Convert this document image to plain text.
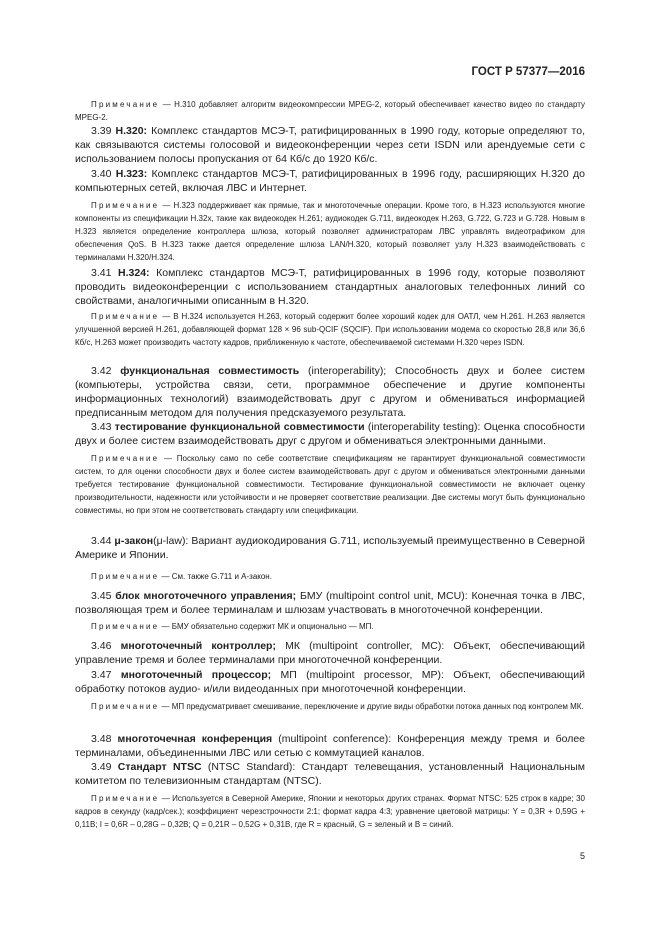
ГОСТ Р 57377—2016
Примечание — Н.310 добавляет алгоритм видеокомпрессии MPEG-2, который обеспечивает качество видео по стандарту MPEG-2.
3.39 H.320: Комплекс стандартов МСЭ-Т, ратифицированных в 1990 году, которые определяют то, как связываются системы голосовой и видеоконференции через сети ISDN или арендуемые сети с использованием полосы пропускания от 64 Кб/с до 1920 Кб/с.
3.40 Н.323: Комплекс стандартов МСЭ-Т, ратифицированных в 1996 году, расширяющих Н.320 до компьютерных сетей, включая ЛВС и Интернет.
Примечание — Н.323 поддерживает как прямые, так и многоточечные операции. Кроме того, в Н.323 используются многие компоненты из спецификации Н.32х, такие как видеокодек Н.261; аудиокодек G.711, видеокодек Н.263, G.722, G.723 и G.728. Новым в Н.323 является определение контроллера шлюза, который позволяет администраторам ЛВС управлять видеотрафиком для обеспечения QoS. В Н.323 также дается определение шлюза LAN/H.320, который позволяет узлу Н.323 взаимодействовать с терминалами Н.320/Н.324.
3.41 Н.324: Комплекс стандартов МСЭ-Т, ратифицированных в 1996 году, которые позволяют проводить видеоконференции с использованием стандартных аналоговых телефонных линий со свойствами, аналогичными описанным в Н.320.
Примечание — В Н.324 используется Н.263, который содержит более хороший кодек для ОАТЛ, чем Н.261. Н.263 является улучшенной версией Н.261, добавляющей формат 128 × 96 sub-QCIF (SQCIF). При использовании модема со скоростью 28,8 или 36,6 Кб/с, Н.263 может производить частоту кадров, приближенную к частоте, обеспечиваемой системами Н.320 через ISDN.
3.42 функциональная совместимость (interoperability); Способность двух и более систем (компьютеры, устройства связи, сети, программное обеспечение и другие компоненты информационных технологий) взаимодействовать друг с другом и обмениваться информацией предписанным методом для получения предсказуемого результата.
3.43 тестирование функциональной совместимости (interoperability testing): Оценка способности двух и более систем взаимодействовать друг с другом и обмениваться электронными данными.
Примечание — Поскольку само по себе соответствие спецификациям не гарантирует функциональной совместимости систем, то для оценки способности двух и более систем взаимодействовать друг с другом и обмениваться электронными данными требуется тестирование функциональной совместимости. Тестирование функциональной совместимости не включает оценку производительности, надежности или устойчивости и не проверяет соответствие реализации. Две системы могут быть функционально совместимы, но при этом не соответствовать стандарту или спецификации.
3.44 μ-закон(μ-law): Вариант аудиокодирования G.711, используемый преимущественно в Северной Америке и Японии.
Примечание — См. также G.711 и А-закон.
3.45 блок многоточечного управления; БМУ (multipoint control unit, MCU): Конечная точка в ЛВС, позволяющая трем и более терминалам и шлюзам участвовать в многоточечной конференции.
Примечание — БМУ обязательно содержит МК и опционально — МП.
3.46 многоточечный контроллер; МК (multipoint controller, MC): Объект, обеспечивающий управление тремя и более терминалами при многоточечной конференции.
3.47 многоточечный процессор; МП (multipoint processor, MP): Объект, обеспечивающий обработку потоков аудио- и/или видеоданных при многоточечной конференции.
Примечание — МП предусматривает смешивание, переключение и другие виды обработки потока данных под контролем МК.
3.48 многоточечная конференция (multipoint conference): Конференция между тремя и более терминалами, объединенными ЛВС или сетью с коммутацией каналов.
3.49 Стандарт NTSC (NTSC Standard): Стандарт телевещания, установленный Национальным комитетом по телевизионным стандартам (NTSC).
Примечание — Используется в Северной Америке, Японии и некоторых других странах. Формат NTSC: 525 строк в кадре; 30 кадров в секунду (кадр/сек.); коэффициент черезстрочности 2:1; формат кадра 4:3; уравнение цветовой матрицы: Y = 0,3R + 0,59G + 0,11B; I = 0,6R – 0,28G – 0,32B; Q = 0,21R – 0,52G + 0,31B, где R = красный, G = зеленый и B = синий.
5
